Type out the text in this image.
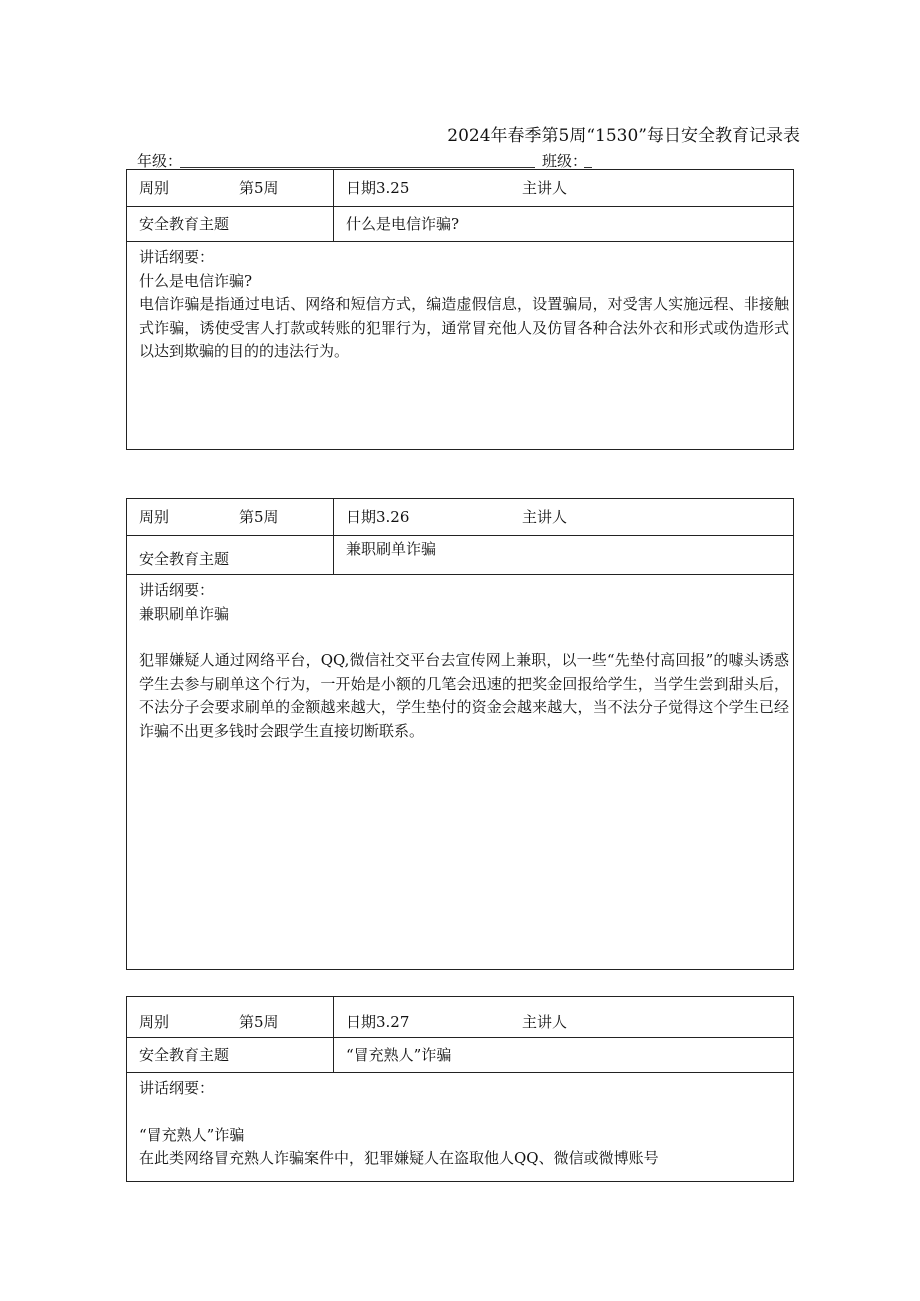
2024年春季第5周“1530”每日安全教育记录表
年级：	班级：
周别 第5周	日期3.25 主讲人
安全教育主题	什么是电信诈骗?

讲话纲要：

什么是电信诈骗?

电信诈骗是指通过电话、网络和短信方式，编造虚假信息，设置骗局，对受害人实施远程、非接触式诈骗，诱使受害人打款或转账的犯罪行为，通常冒充他人及仿冒各种合法外衣和形式或伪造形式以达到欺骗的目的的违法行为。	

周别 第5周	日期3.26 主讲人
安全教育主题	兼职刷单诈骗

讲话纲要：

兼职刷单诈骗

犯罪嫌疑人通过网络平台，QQ,微信社交平台去宣传网上兼职，以一些“先垫付高回报”的噱头诱惑学生去参与刷单这个行为，一开始是小额的几笔会迅速的把奖金回报给学生，当学生尝到甜头后，不法分子会要求刷单的金额越来越大，学生垫付的资金会越来越大，当不法分子觉得这个学生已经诈骗不出更多钱时会跟学生直接切断联系。	

周别 第5周	日期3.27 主讲人
安全教育主题	“冒充熟人”诈骗

讲话纲要：

“冒充熟人”诈骗

在此类网络冒充熟人诈骗案件中，犯罪嫌疑人在盗取他人QQ、微信或微博账号	
